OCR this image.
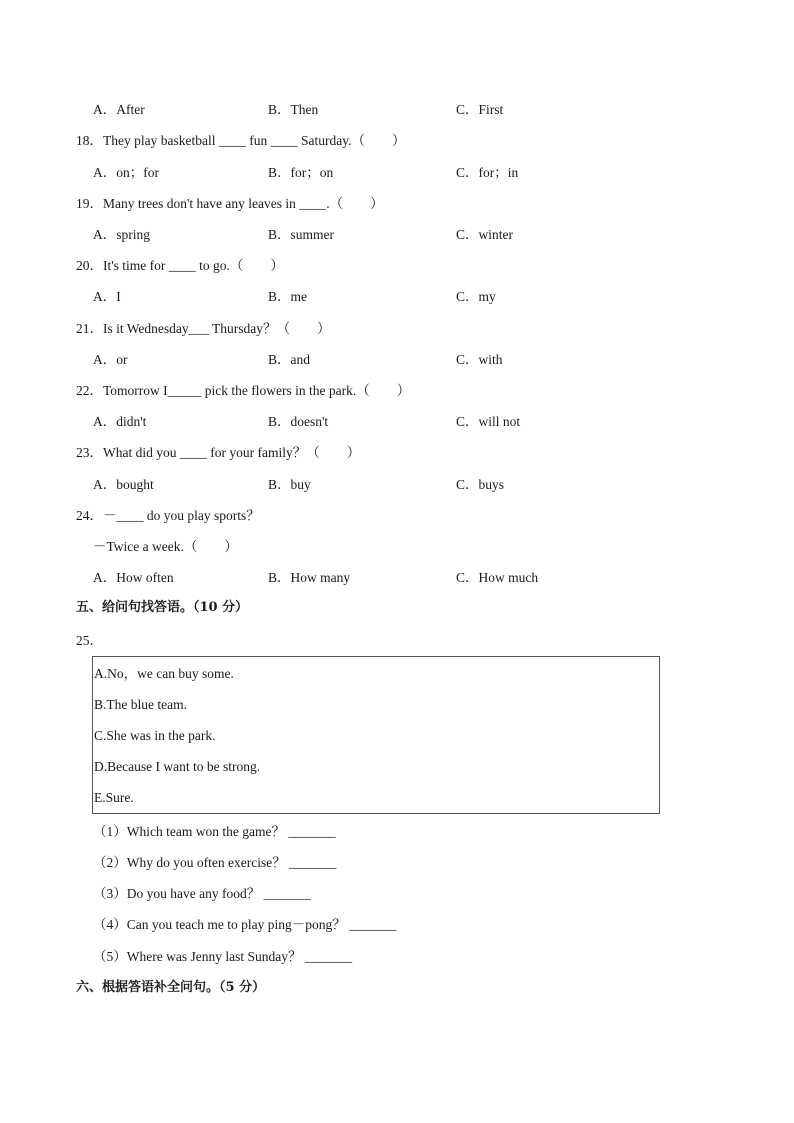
A．After	B．Then	C．First
18．They play basketball ____ fun ____ Saturday.（　　）
A．on；for	B．for；on	C．for；in
19．Many trees don't have any leaves in ____.（　　）
A．spring	B．summer	C．winter
20．It's time for ____ to go.（　　）
A．I	B．me	C．my
21．Is it Wednesday___ Thursday？（　　）
A．or	B．and	C．with
22．Tomorrow I_____ pick the flowers in the park.（　　）
A．didn't	B．doesn't	C．will not
23．What did you ____ for your family？（　　）
A．bought	B．buy	C．buys
24．－____ do you play sports？
－Twice a week.（　　）
A．How often	B．How many	C．How much
五、给问句找答语。（10 分）
25．
A.No，we can buy some.
B.The blue team.
C.She was in the park.
D.Because I want to be strong.
E.Sure.
（1）Which team won the game？ _______
（2）Why do you often exercise？ _______
（3）Do you have any food？ _______
（4）Can you teach me to play ping－pong？ _______
（5）Where was Jenny last Sunday？ _______
六、根据答语补全问句。（5 分）
